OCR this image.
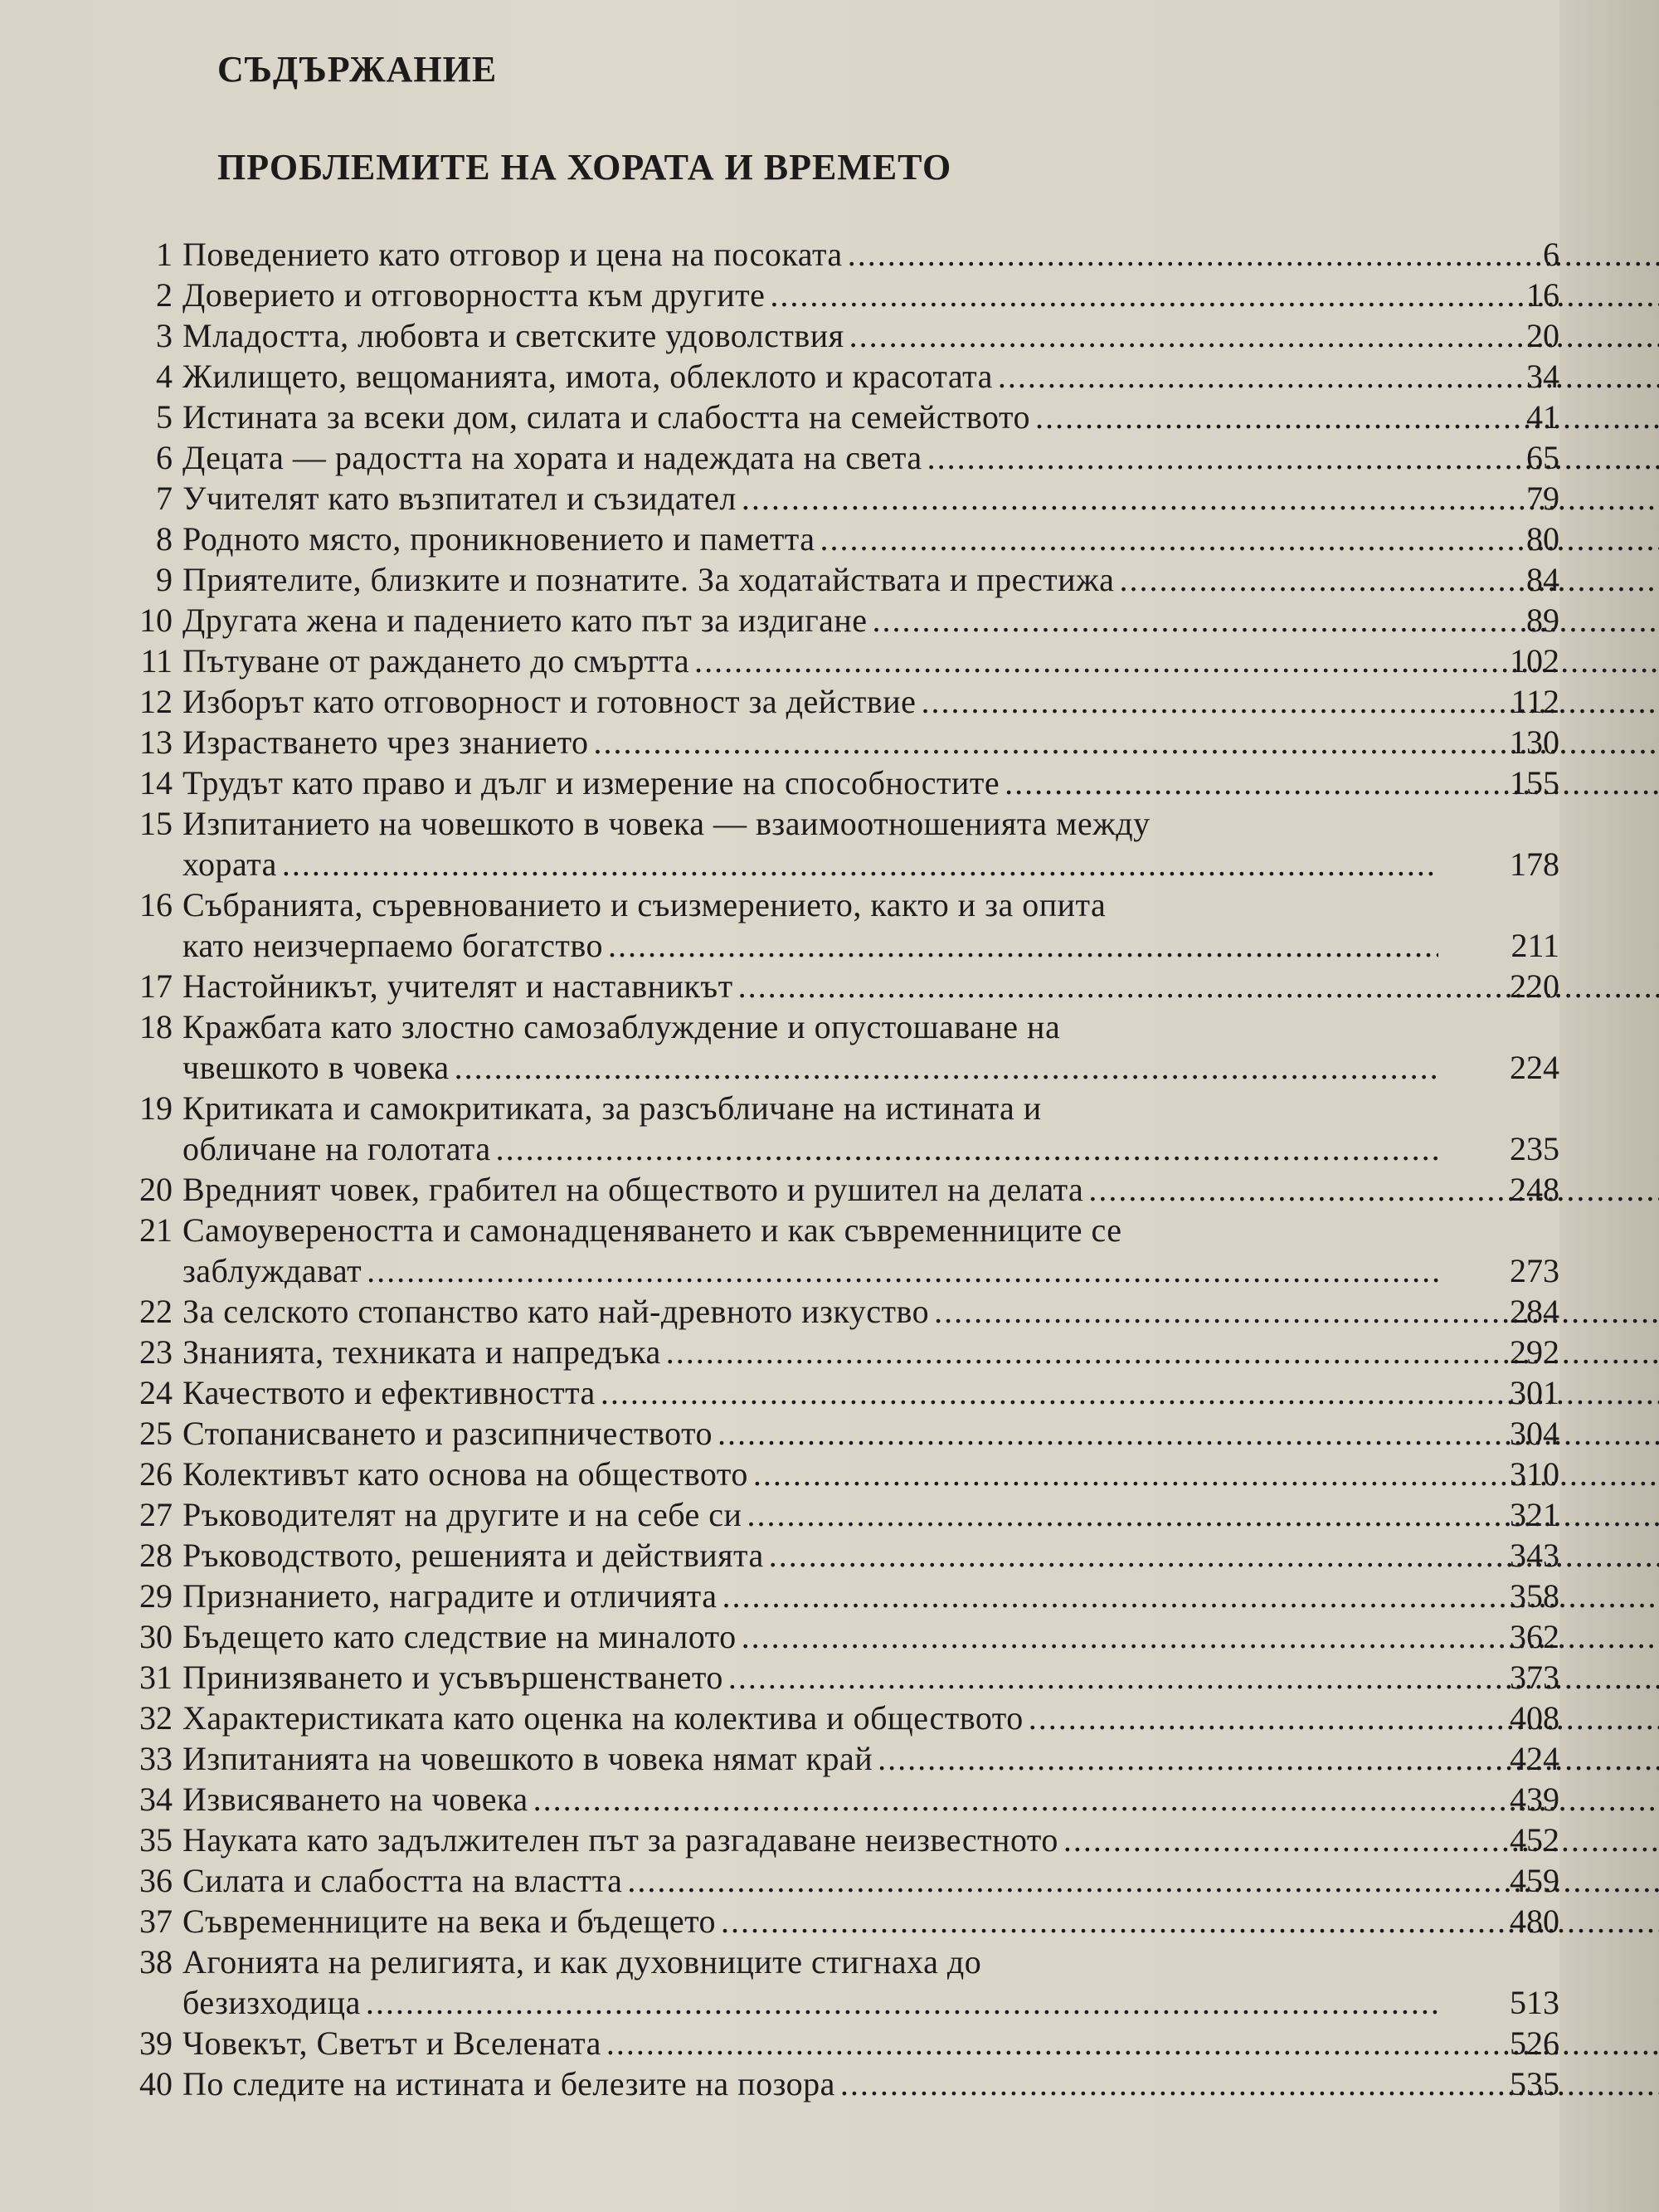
СЪДЪРЖАНИЕ
ПРОБЛЕМИТЕ НА ХОРАТА И ВРЕМЕТО
1 Поведението като отговор и цена на посоката .....	6
2 Доверието и отговорността към другите .....	16
3 Младостта, любовта и светските удоволствия .....	20
4 Жилището, вещоманията, имота, облеклото и красотата .....	34
5 Истината за всеки дом, силата и слабостта на семейството .....	41
6 Децата — радостта на хората и надеждата на света .....	65
7 Учителят като възпитател и съзидател .....	79
8 Родното място, проникновението и паметта .....	80
9 Приятелите, близките и познатите. За ходатайствата и престижа .....	84
10 Другата жена и падението като път за издигане .....	89
11 Пътуване от раждането до смъртта .....	102
12 Изборът като отговорност и готовност за действие .....	112
13 Израстването чрез знанието .....	130
14 Трудът като право и дълг и измерение на способностите .....	155
15 Изпитанието на човешкото в човека — взаимоотношенията между
хората .....	178
16 Събранията, съревнованието и съизмерението, както и за опита
като неизчерпаемо богатство .....	211
17 Настойникът, учителят и наставникът .....	220
18 Кражбата като злостно самозаблуждение и опустошаване на
чвешкото в човека .....	224
19 Критиката и самокритиката, за разсъбличане на истината и
обличане на голотата .....	235
20 Вредният човек, грабител на обществото и рушител на делата .....	248
21 Самоувереността и самонадценяването и как съвременниците се
заблуждават .....	273
22 За селското стопанство като най-древното изкуство .....	284
23 Знанията, техниката и напредъка .....	292
24 Качеството и ефективността .....	301
25 Стопанисването и разсипничеството .....	304
26 Колективът като основа на обществото .....	310
27 Ръководителят на другите и на себе си .....	321
28 Ръководството, решенията и действията .....	343
29 Признанието, наградите и отличията .....	358
30 Бъдещето като следствие на миналото .....	362
31 Принизяването и усъвършенстването .....	373
32 Характеристиката като оценка на колектива и обществото .....	408
33 Изпитанията на човешкото в човека нямат край .....	424
34 Извисяването на човека .....	439
35 Науката като задължителен път за разгадаване неизвестното .....	452
36 Силата и слабостта на властта .....	459
37 Съвременниците на века и бъдещето .....	480
38 Агонията на религията, и как духовниците стигнаха до
безизходица .....	513
39 Човекът, Светът и Вселената .....	526
40 По следите на истината и белезите на позора .....	535
